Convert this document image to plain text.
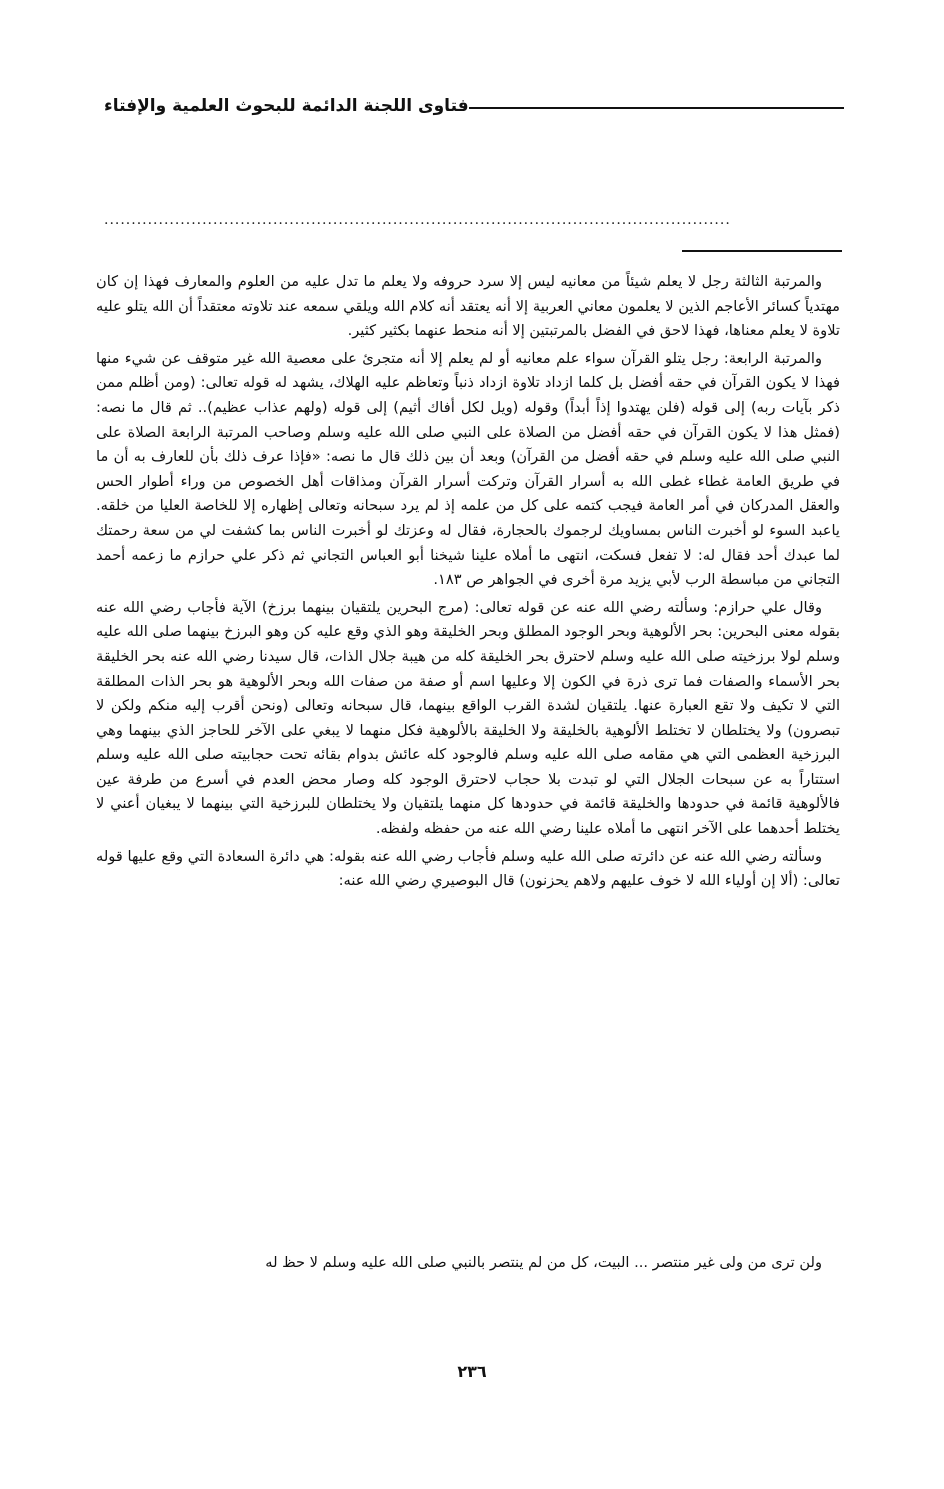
فتاوى اللجنة الدائمة للبحوث العلمية والإفتاء
...................................................................................................................

والمرتبة الثالثة رجل لا يعلم شيئاً من معانيه ليس إلا سرد حروفه ولا يعلم ما تدل عليه من العلوم والمعارف فهذا إن كان مهتدياً كسائر الأعاجم الذين لا يعلمون معاني العربية إلا أنه يعتقد أنه كلام الله ويلقي سمعه عند تلاوته معتقداً أن الله يتلو عليه تلاوة لا يعلم معناها، فهذا لاحق في الفضل بالمرتبتين إلا أنه منحط عنهما بكثير كثير.

والمرتبة الرابعة: رجل يتلو القرآن سواء علم معانيه أو لم يعلم إلا أنه متجرئ على معصية الله غير متوقف عن شيء منها فهذا لا يكون القرآن في حقه أفضل بل كلما ازداد تلاوة ازداد ذنباً وتعاظم عليه الهلاك، يشهد له قوله تعالى: (ومن أظلم ممن ذكر بآيات ربه) إلى قوله (فلن يهتدوا إذاً أبداً) وقوله (ويل لكل أفاك أثيم) إلى قوله (ولهم عذاب عظيم).. ثم قال ما نصه: (فمثل هذا لا يكون القرآن في حقه أفضل من الصلاة على النبي صلى الله عليه وسلم وصاحب المرتبة الرابعة الصلاة على النبي صلى الله عليه وسلم في حقه أفضل من القرآن) وبعد أن بين ذلك قال ما نصه: «فإذا عرف ذلك بأن للعارف به أن ما في طريق العامة غطاء غطى الله به أسرار القرآن وتركت أسرار القرآن ومذاقات أهل الخصوص من وراء أطوار الحس والعقل المدركان في أمر العامة فيجب كتمه على كل من علمه إذ لم يرد سبحانه وتعالى إظهاره إلا للخاصة العليا من خلقه. ياعبد السوء لو أخبرت الناس بمساويك لرجموك بالحجارة، فقال له وعزتك لو أخبرت الناس بما كشفت لي من سعة رحمتك لما عبدك أحد فقال له: لا تفعل فسكت، انتهى ما أملاه علينا شيخنا أبو العباس التجاني ثم ذكر علي حرازم ما زعمه أحمد التجاني من مباسطة الرب لأبي يزيد مرة أخرى في الجواهر ص ١٨٣.

وقال علي حرازم: وسألته رضي الله عنه عن قوله تعالى: (مرج البحرين يلتقيان بينهما برزخ) الآية فأجاب رضي الله عنه بقوله معنى البحرين: بحر الألوهية وبحر الوجود المطلق وبحر الخليقة وهو الذي وقع عليه كن وهو البرزخ بينهما صلى الله عليه وسلم لولا برزخيته صلى الله عليه وسلم لاحترق بحر الخليقة كله من هيبة جلال الذات، قال سيدنا رضي الله عنه بحر الخليقة بحر الأسماء والصفات فما ترى ذرة في الكون إلا وعليها اسم أو صفة من صفات الله وبحر الألوهية هو بحر الذات المطلقة التي لا تكيف ولا تقع العبارة عنها. يلتقيان لشدة القرب الواقع بينهما، قال سبحانه وتعالى (ونحن أقرب إليه منكم ولكن لا تبصرون) ولا يختلطان لا تختلط الألوهية بالخليقة ولا الخليقة بالألوهية فكل منهما لا يبغي على الآخر للحاجز الذي بينهما وهي البرزخية العظمى التي هي مقامه صلى الله عليه وسلم فالوجود كله عائش بدوام بقائه تحت حجابيته صلى الله عليه وسلم استتاراً به عن سبحات الجلال التي لو تبدت بلا حجاب لاحترق الوجود كله وصار محض العدم في أسرع من طرفة عين فالألوهية قائمة في حدودها والخليقة قائمة في حدودها كل منهما يلتقيان ولا يختلطان للبرزخية التي بينهما لا يبغيان أعني لا يختلط أحدهما على الآخر انتهى ما أملاه علينا رضي الله عنه من حفظه ولفظه.

وسألته رضي الله عنه عن دائرته صلى الله عليه وسلم فأجاب رضي الله عنه بقوله: هي دائرة السعادة التي وقع عليها قوله تعالى: (ألا إن أولياء الله لا خوف عليهم ولاهم يحزنون) قال البوصيري رضي الله عنه:

ولن ترى من ولى غير منتصر ... البيت، كل من لم ينتصر بالنبي صلى الله عليه وسلم لا حظ له
٢٣٦
